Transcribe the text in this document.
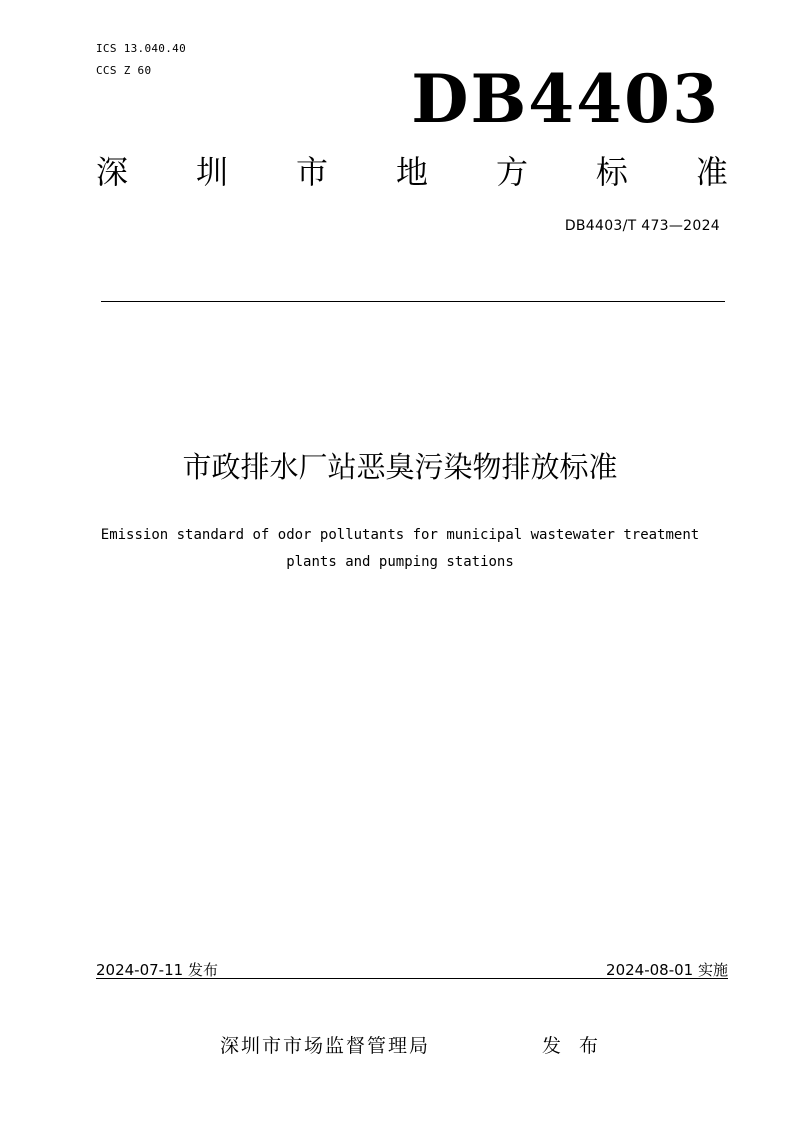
ICS 13.040.40
CCS Z 60	DB4403
深 圳 市 地 方 标 准
DB4403/T 473—2024
市政排水厂站恶臭污染物排放标准
Emission standard of odor pollutants for municipal wastewater treatment
plants and pumping stations
2024-07-11 发布	2024-08-01 实施
深圳市市场监督管理局	发 布
